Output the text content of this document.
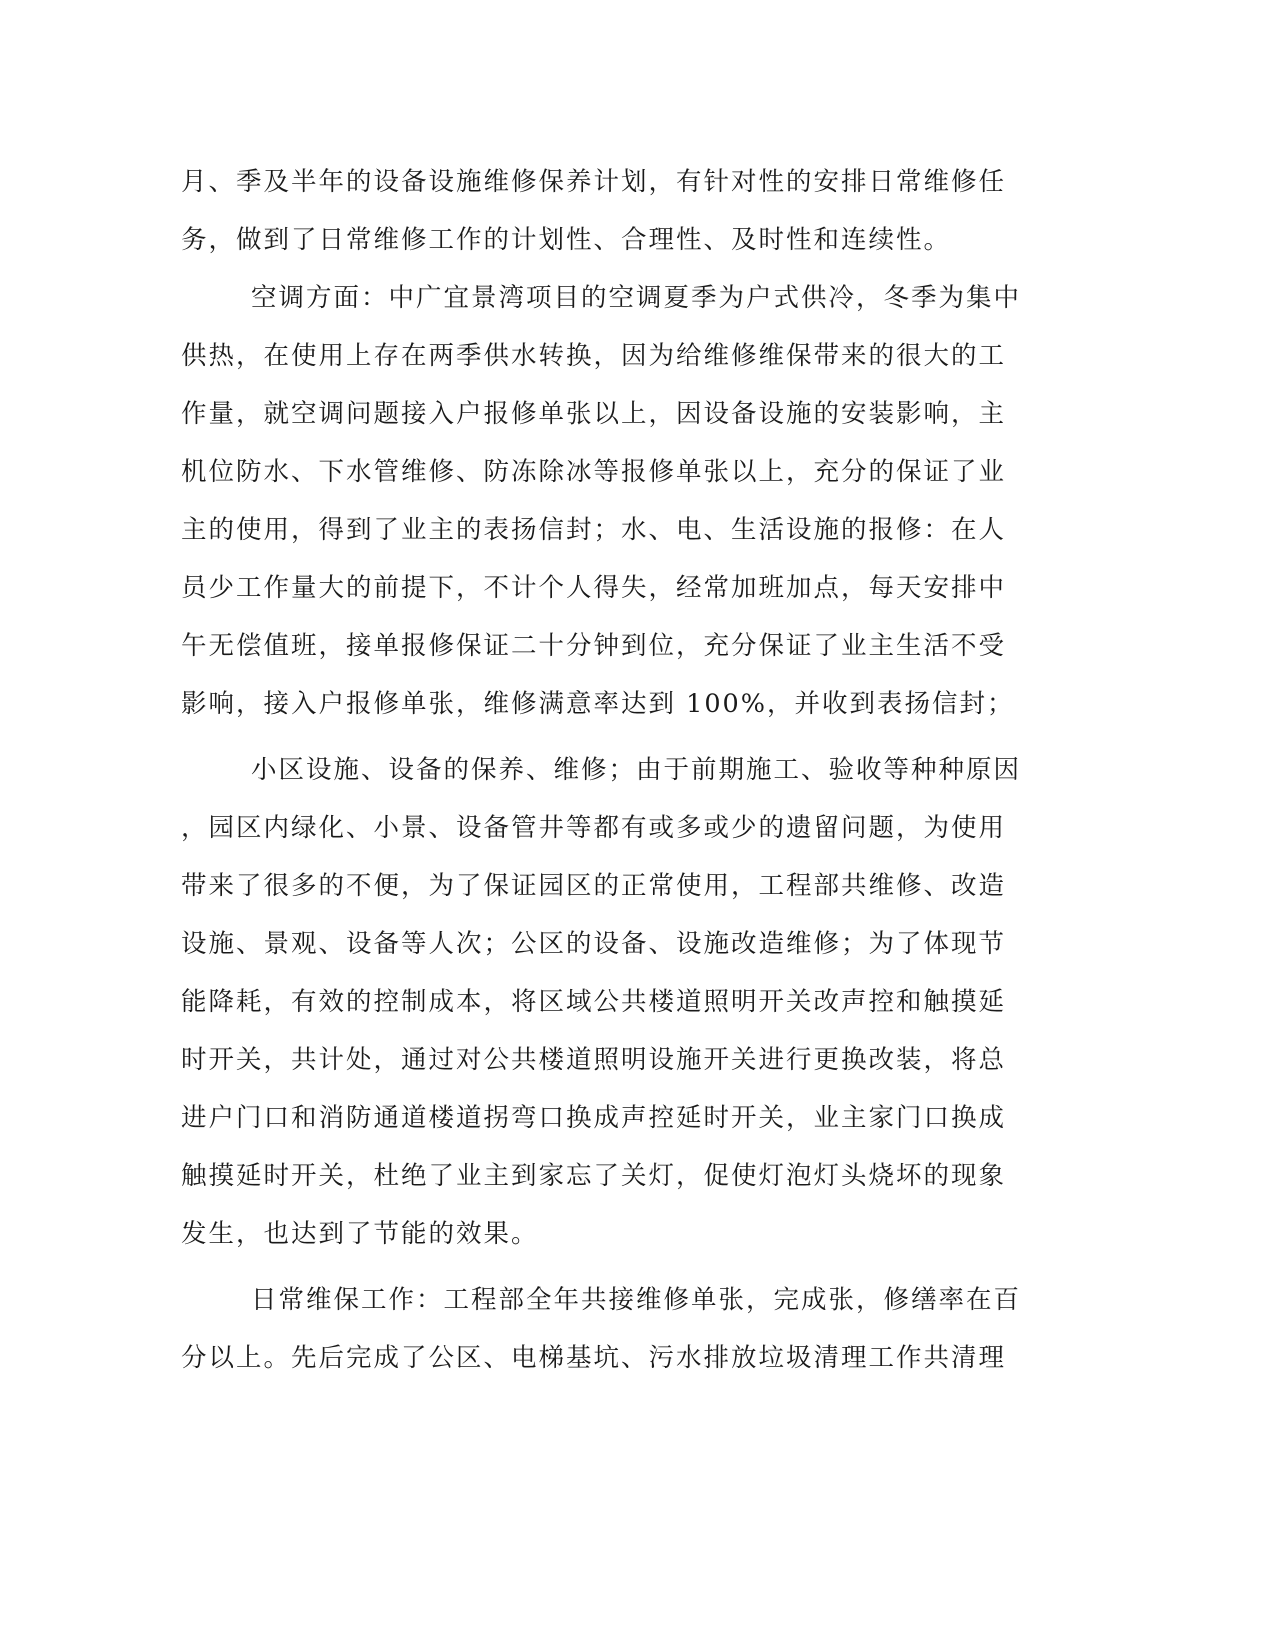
月、季及半年的设备设施维修保养计划，有针对性的安排日常维修任
务，做到了日常维修工作的计划性、合理性、及时性和连续性。
空调方面：中广宜景湾项目的空调夏季为户式供冷，冬季为集中
供热，在使用上存在两季供水转换，因为给维修维保带来的很大的工
作量，就空调问题接入户报修单张以上，因设备设施的安装影响，主
机位防水、下水管维修、防冻除冰等报修单张以上，充分的保证了业
主的使用，得到了业主的表扬信封；水、电、生活设施的报修：在人
员少工作量大的前提下，不计个人得失，经常加班加点，每天安排中
午无偿值班，接单报修保证二十分钟到位，充分保证了业主生活不受
影响，接入户报修单张，维修满意率达到 100%，并收到表扬信封；
小区设施、设备的保养、维修；由于前期施工、验收等种种原因
，园区内绿化、小景、设备管井等都有或多或少的遗留问题，为使用
带来了很多的不便，为了保证园区的正常使用，工程部共维修、改造
设施、景观、设备等人次；公区的设备、设施改造维修；为了体现节
能降耗，有效的控制成本，将区域公共楼道照明开关改声控和触摸延
时开关，共计处，通过对公共楼道照明设施开关进行更换改装，将总
进户门口和消防通道楼道拐弯口换成声控延时开关，业主家门口换成
触摸延时开关，杜绝了业主到家忘了关灯，促使灯泡灯头烧坏的现象
发生，也达到了节能的效果。
日常维保工作：工程部全年共接维修单张，完成张，修缮率在百
分以上。先后完成了公区、电梯基坑、污水排放垃圾清理工作共清理
